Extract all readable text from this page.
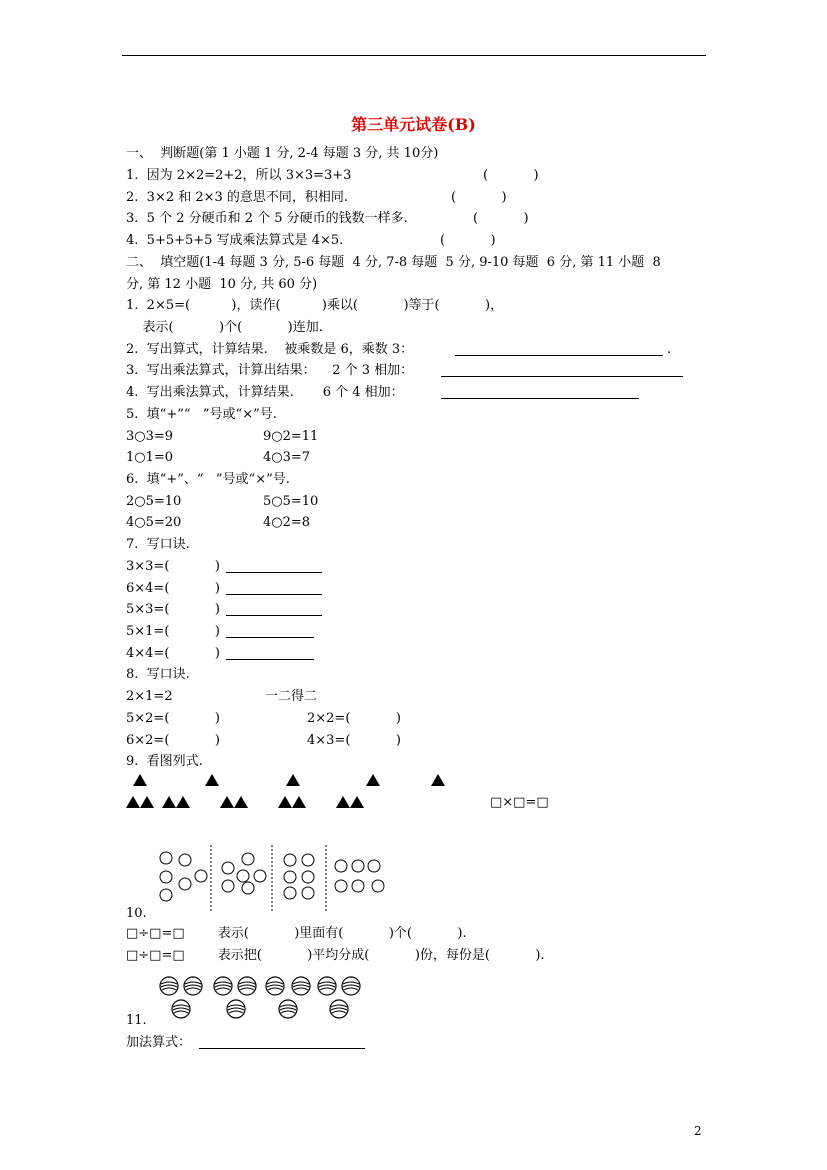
第三单元试卷(B)
一、  判断题(第 1 小题 1 分, 2-4 每题 3 分, 共 10分)
1.  因为 2×2=2+2，所以 3×3=3+3	(           )
2.  3×2 和 2×3 的意思不同，积相同.	(           )
3.  5 个 2 分硬币和 2 个 5 分硬币的钱数一样多.	(           )
4.  5+5+5+5 写成乘法算式是 4×5.	(           )
二、  填空题(1-4 每题 3 分, 5-6 每题  4 分, 7-8 每题  5 分, 9-10 每题  6 分, 第 11 小题  8
分, 第 12 小题  10 分, 共 60 分)
1.  2×5=(          )，读作(          )乘以(           )等于(           )，
表示(           )个(           )连加.
2.  写出算式，计算结果.    被乘数是 6，乘数 3：	.
3.  写出乘法算式，计算出结果：    2 个 3 相加：
4.  写出乘法算式，计算结果.       6 个 4 相加：
5.  填“+”“   ”号或“×”号.
3○3=9	9○2=11
1○1=0	4○3=7
6.  填“+”、“   ”号或“×”号.
2○5=10	5○5=10
4○5=20	4○2=8
7.  写口诀.
3×3=(           )
6×4=(           )
5×3=(           )
5×1=(           )
4×4=(           )
8.  写口诀.
2×1=2	一二得二
5×2=(           )	2×2=(           )
6×2=(           )	4×3=(           )
9.  看图列式.
□×□=□
10.
□÷□=□        表示(           )里面有(           )个(           ).
□÷□=□        表示把(           )平均分成(           )份，每份是(           ).
11.
加法算式：
2
